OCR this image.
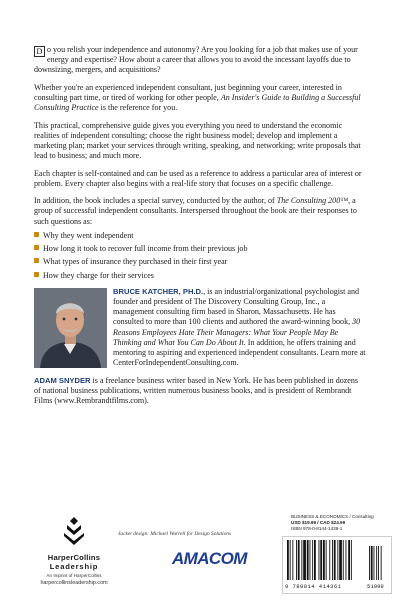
D o you relish your independence and autonomy? Are you looking for a job that makes use of your energy and expertise? How about a career that allows you to avoid the incessant layoffs due to downsizing, mergers, and acquisitions?

Whether you're an experienced independent consultant, just beginning your career, interested in consulting part time, or tired of working for other people, An Insider's Guide to Building a Successful Consulting Practice is the reference for you.

This practical, comprehensive guide gives you everything you need to understand the economic realities of independent consulting; choose the right business model; develop and implement a marketing plan; market your services through writing, speaking, and networking; write proposals that lead to business; and much more.

Each chapter is self-contained and can be used as a reference to address a particular area of interest or problem. Every chapter also begins with a real-life story that focuses on a specific challenge.

In addition, the book includes a special survey, conducted by the author, of The Consulting 200™, a group of successful independent consultants. Interspersed throughout the book are their responses to such questions as:

Why they went independent
How long it took to recover full income from their previous job
What types of insurance they purchased in their first year
How they charge for their services
BRUCE KATCHER, PH.D., is an industrial/organizational psychologist and founder and president of The Discovery Consulting Group, Inc., a management consulting firm based in Sharon, Massachusetts. He has consulted to more than 100 clients and authored the award-winning book, 30 Reasons Employees Hate Their Managers: What Your People May Be Thinking and What You Can Do About It. In addition, he offers training and mentoring to aspiring and experienced independent consultants. Learn more at CenterForIndependentConsulting.com.

ADAM SNYDER is a freelance business writer based in New York. He has been published in dozens of national business publications, written numerous business books, and is president of Rembrandt Films (www.Rembrandtfilms.com).

HarperCollins
Leadership
An Imprint of HarperCollins
harpercollinsleadership.com
Jacket design: Michael Warrell for Design Solutions
AMACOM
BUSINESS & ECONOMICS / Consulting
USD $19.99 / CAD $24.99
ISBN 978-0-8144-1436-1
9 780814 414361	51999
